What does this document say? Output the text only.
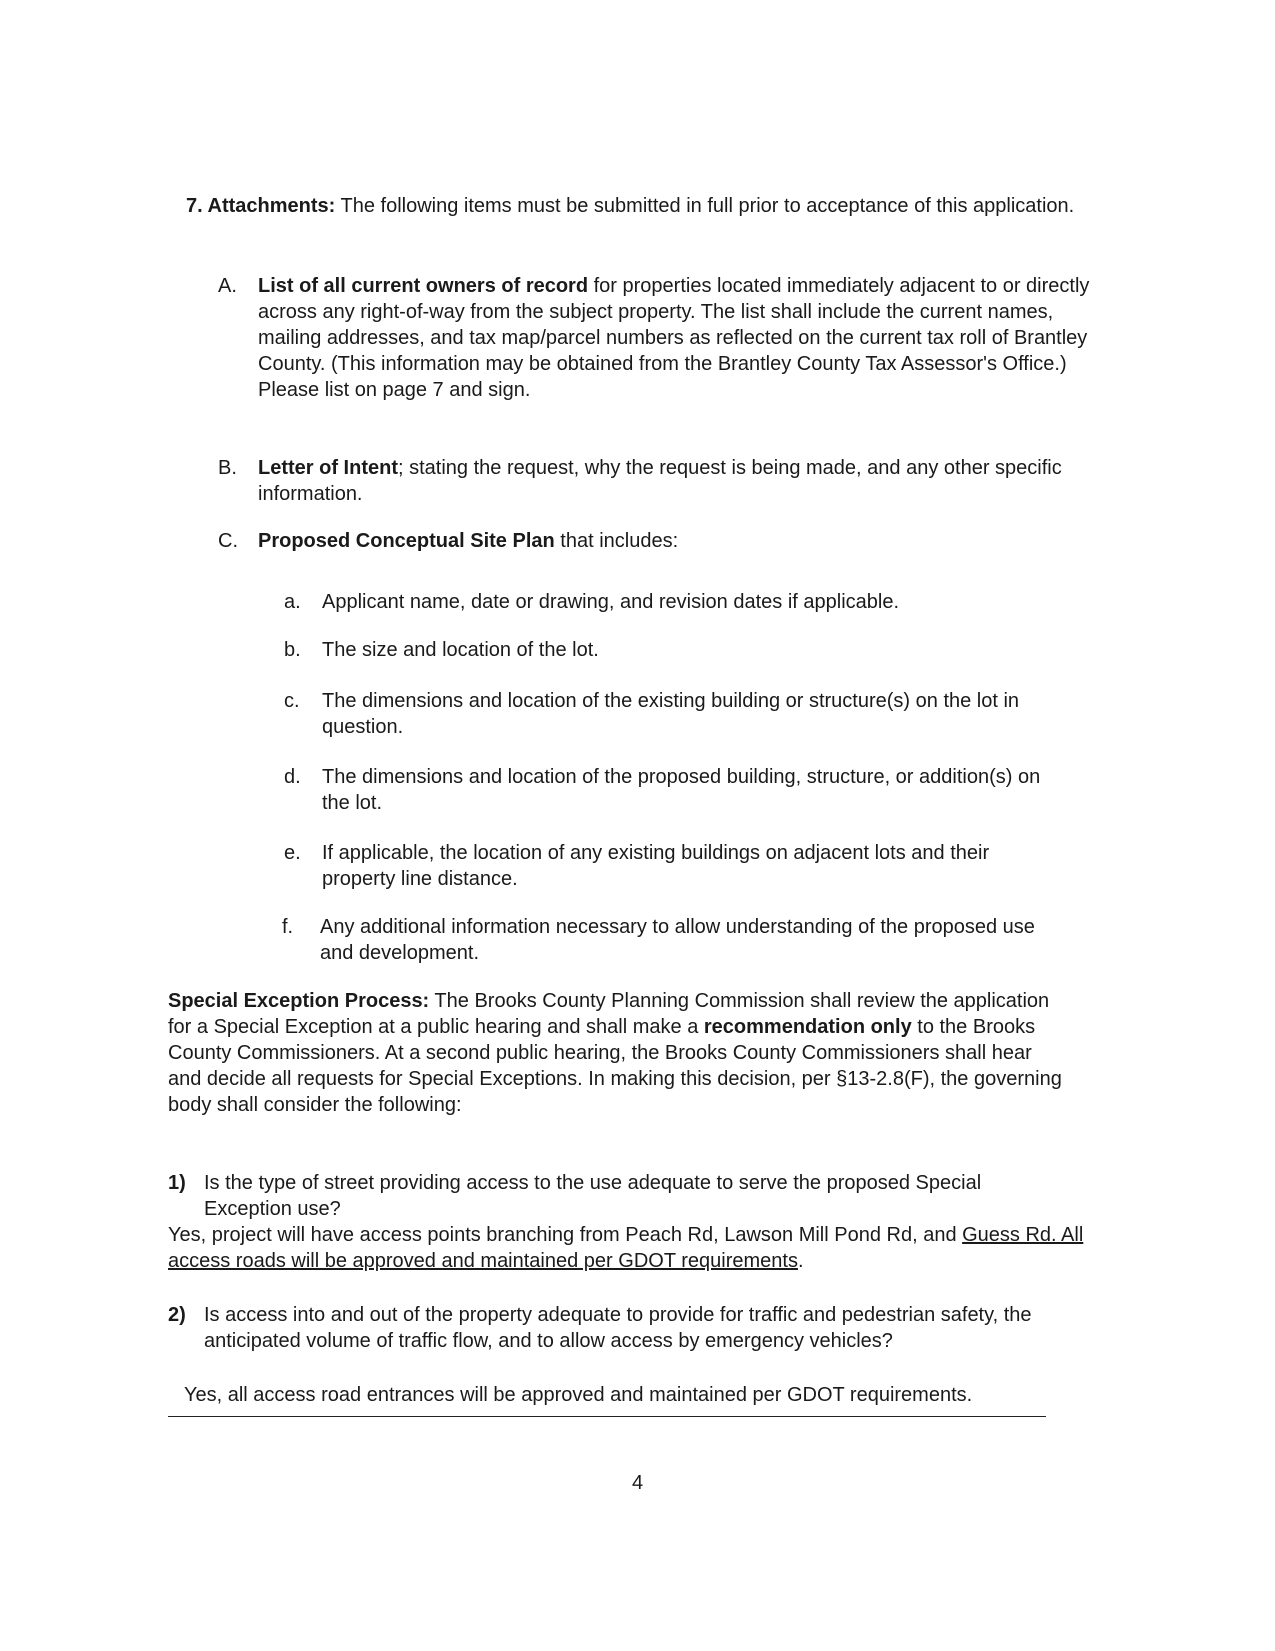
7. Attachments: The following items must be submitted in full prior to acceptance of this application.

A. List of all current owners of record for properties located immediately adjacent to or directly across any right-of-way from the subject property. The list shall include the current names, mailing addresses, and tax map/parcel numbers as reflected on the current tax roll of Brantley County. (This information may be obtained from the Brantley County Tax Assessor's Office.) Please list on page 7 and sign.
B. Letter of Intent; stating the request, why the request is being made, and any other specific information.
C. Proposed Conceptual Site Plan that includes:
a. Applicant name, date or drawing, and revision dates if applicable.
b. The size and location of the lot.
c. The dimensions and location of the existing building or structure(s) on the lot in question.
d. The dimensions and location of the proposed building, structure, or addition(s) on the lot.
e. If applicable, the location of any existing buildings on adjacent lots and their property line distance.
f. Any additional information necessary to allow understanding of the proposed use and development.

Special Exception Process: The Brooks County Planning Commission shall review the application for a Special Exception at a public hearing and shall make a recommendation only to the Brooks County Commissioners. At a second public hearing, the Brooks County Commissioners shall hear and decide all requests for Special Exceptions. In making this decision, per §13-2.8(F), the governing body shall consider the following:

1) Is the type of street providing access to the use adequate to serve the proposed Special Exception use?
Yes, project will have access points branching from Peach Rd, Lawson Mill Pond Rd, and Guess Rd. All access roads will be approved and maintained per GDOT requirements.
2) Is access into and out of the property adequate to provide for traffic and pedestrian safety, the anticipated volume of traffic flow, and to allow access by emergency vehicles?
Yes, all access road entrances will be approved and maintained per GDOT requirements.
4
